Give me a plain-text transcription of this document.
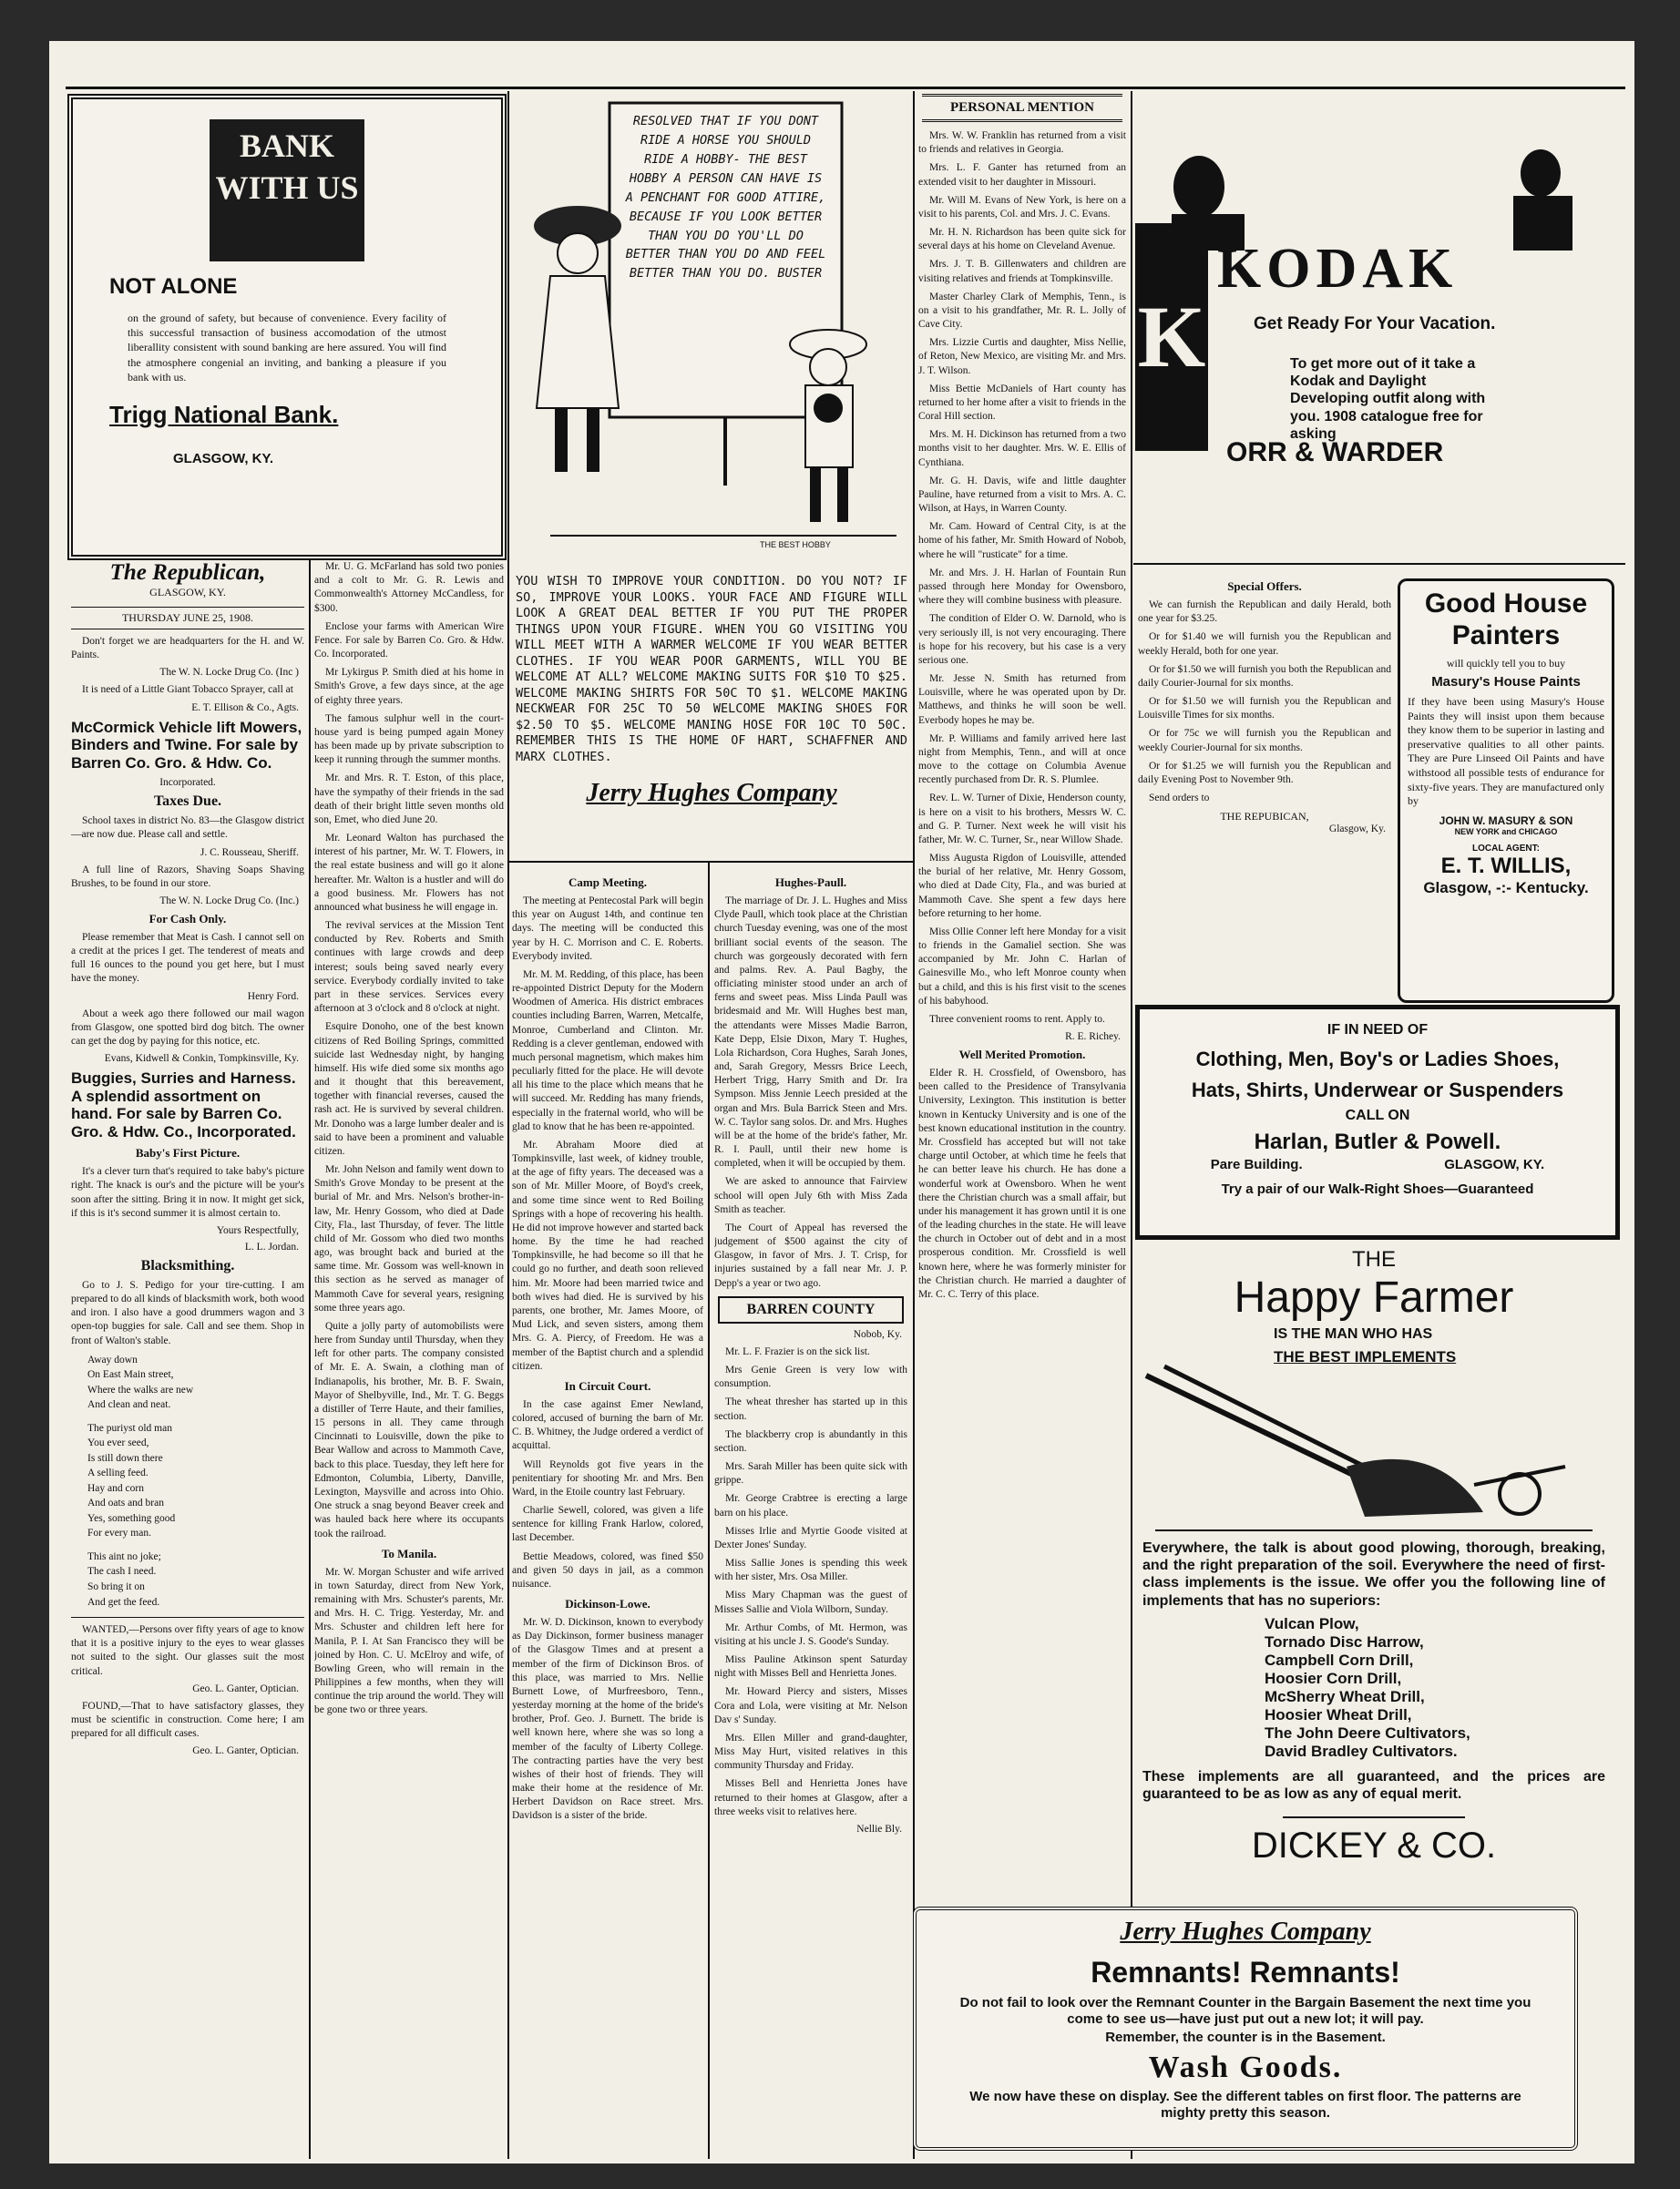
BANK WITH US
NOT ALONE
on the ground of safety, but because of convenience. Every facility of this successful transaction of business accomodation of the utmost liberallity consistent with sound banking are here assured. You will find the atmosphere congenial an inviting, and banking a pleasure if you bank with us.
Trigg National Bank.
GLASGOW, KY.
The Republican,
GLASGOW, KY.
THURSDAY JUNE 25, 1908.

Don't forget we are headquarters for the H. and W. Paints.

The W. N. Locke Drug Co. (Inc )

It is need of a Little Giant Tobacco Sprayer, call at

E. T. Ellison & Co., Agts.
McCormick Vehicle lift Mowers, Binders and Twine. For sale by Barren Co. Gro. & Hdw. Co.
Incorporated.
Taxes Due.

School taxes in district No. 83—the Glasgow district—are now due. Please call and settle.

J. C. Rousseau, Sheriff.

A full line of Razors, Shaving Soaps Shaving Brushes, to be found in our store.

The W. N. Locke Drug Co. (Inc.)
For Cash Only.

Please remember that Meat is Cash. I cannot sell on a credit at the prices I get. The tenderest of meats and full 16 ounces to the pound you get here, but I must have the money.

Henry Ford.

About a week ago there followed our mail wagon from Glasgow, one spotted bird dog bitch. The owner can get the dog by paying for this notice, etc.

Evans, Kidwell & Conkin, Tompkinsville, Ky.
Buggies, Surries and Harness. A splendid assortment on hand. For sale by Barren Co. Gro. & Hdw. Co., Incorporated.
Baby's First Picture.

It's a clever turn that's required to take baby's picture right. The knack is our's and the picture will be your's soon after the sitting. Bring it in now. It might get sick, if this is it's second summer it is almost certain to.

Yours Respectfully,
L. L. Jordan.
Blacksmithing.

Go to J. S. Pedigo for your tire-cutting. I am prepared to do all kinds of blacksmith work, both wood and iron. I also have a good drummers wagon and 3 open-top buggies for sale. Call and see them. Shop in front of Walton's stable.

Away down
On East Main street,
Where the walks are new
And clean and neat.
The puriyst old man
You ever seed,
Is still down there
A selling feed.
Hay and corn
And oats and bran
Yes, something good
For every man.
This aint no joke;
The cash I need.
So bring it on
And get the feed.

WANTED,—Persons over fifty years of age to know that it is a positive injury to the eyes to wear glasses not suited to the sight. Our glasses suit the most critical.

Geo. L. Ganter, Optician.

FOUND,—That to have satisfactory glasses, they must be scientific in construction. Come here; I am prepared for all difficult cases.

Geo. L. Ganter, Optician.

Mr. U. G. McFarland has sold two ponies and a colt to Mr. G. R. Lewis and Commonwealth's Attorney McCandless, for $300.

Enclose your farms with American Wire Fence. For sale by Barren Co. Gro. & Hdw. Co. Incorporated.

Mr Lykirgus P. Smith died at his home in Smith's Grove, a few days since, at the age of eighty three years.

The famous sulphur well in the court-house yard is being pumped again Money has been made up by private subscription to keep it running through the summer months.

Mr. and Mrs. R. T. Eston, of this place, have the sympathy of their friends in the sad death of their bright little seven months old son, Emet, who died June 20.

Mr. Leonard Walton has purchased the interest of his partner, Mr. W. T. Flowers, in the real estate business and will go it alone hereafter. Mr. Walton is a hustler and will do a good business. Mr. Flowers has not announced what business he will engage in.

The revival services at the Mission Tent conducted by Rev. Roberts and Smith continues with large crowds and deep interest; souls being saved nearly every service. Everybody cordially invited to take part in these services. Services every afternoon at 3 o'clock and 8 o'clock at night.

Esquire Donoho, one of the best known citizens of Red Boiling Springs, committed suicide last Wednesday night, by hanging himself. His wife died some six months ago and it thought that this bereavement, together with financial reverses, caused the rash act. He is survived by several children. Mr. Donoho was a large lumber dealer and is said to have been a prominent and valuable citizen.

Mr. John Nelson and family went down to Smith's Grove Monday to be present at the burial of Mr. and Mrs. Nelson's brother-in-law, Mr. Henry Gossom, who died at Dade City, Fla., last Thursday, of fever. The little child of Mr. Gossom who died two months ago, was brought back and buried at the same time. Mr. Gossom was well-known in this section as he served as manager of Mammoth Cave for several years, resigning some three years ago.

Quite a jolly party of automobilists were here from Sunday until Thursday, when they left for other parts. The company consisted of Mr. E. A. Swain, a clothing man of Indianapolis, his brother, Mr. B. F. Swain, Mayor of Shelbyville, Ind., Mr. T. G. Beggs a distiller of Terre Haute, and their families, 15 persons in all. They came through Cincinnati to Louisville, down the pike to Bear Wallow and across to Mammoth Cave, back to this place. Tuesday, they left here for Edmonton, Columbia, Liberty, Danville, Lexington, Maysville and across into Ohio. One struck a snag beyond Beaver creek and was hauled back here where its occupants took the railroad.

To Manila.

Mr. W. Morgan Schuster and wife arrived in town Saturday, direct from New York, remaining with Mrs. Schuster's parents, Mr. and Mrs. H. C. Trigg. Yesterday, Mr. and Mrs. Schuster and children left here for Manila, P. I. At San Francisco they will be joined by Hon. C. U. McElroy and wife, of Bowling Green, who will remain in the Philippines a few months, when they will continue the trip around the world. They will be gone two or three years.

RESOLVED THAT IF YOU DONT RIDE A HORSE YOU SHOULD RIDE A HOBBY- THE BEST HOBBY A PERSON CAN HAVE IS A PENCHANT FOR GOOD ATTIRE, BECAUSE IF YOU LOOK BETTER THAN YOU DO YOU'LL DO BETTER THAN YOU DO AND FEEL BETTER THAN YOU DO. BUSTER
THE BEST HOBBY
YOU WISH TO IMPROVE YOUR CONDITION. DO YOU NOT? IF SO, IMPROVE YOUR LOOKS. YOUR FACE AND FIGURE WILL LOOK A GREAT DEAL BETTER IF YOU PUT THE PROPER THINGS UPON YOUR FIGURE. WHEN YOU GO VISITING YOU WILL MEET WITH A WARMER WELCOME IF YOU WEAR BETTER CLOTHES. IF YOU WEAR POOR GARMENTS, WILL YOU BE WELCOME AT ALL? WELCOME MAKING SUITS FOR $10 TO $25. WELCOME MAKING SHIRTS FOR 50C TO $1. WELCOME MAKING NECKWEAR FOR 25C TO 50 WELCOME MAKING SHOES FOR $2.50 TO $5. WELCOME MANING HOSE FOR 10C TO 50C. REMEMBER THIS IS THE HOME OF HART, SCHAFFNER AND MARX CLOTHES.
Jerry Hughes Company
Camp Meeting.

The meeting at Pentecostal Park will begin this year on August 14th, and continue ten days. The meeting will be conducted this year by H. C. Morrison and C. E. Roberts. Everybody invited.

Mr. M. M. Redding, of this place, has been re-appointed District Deputy for the Modern Woodmen of America. His district embraces counties including Barren, Warren, Metcalfe, Monroe, Cumberland and Clinton. Mr. Redding is a clever gentleman, endowed with much personal magnetism, which makes him peculiarly fitted for the place. He will devote all his time to the place which means that he will succeed. Mr. Redding has many friends, especially in the fraternal world, who will be glad to know that he has been re-appointed.

Mr. Abraham Moore died at Tompkinsville, last week, of kidney trouble, at the age of fifty years. The deceased was a son of Mr. Miller Moore, of Boyd's creek, and some time since went to Red Boiling Springs with a hope of recovering his health. He did not improve however and started back home. By the time he had reached Tompkinsville, he had become so ill that he could go no further, and death soon relieved him. Mr. Moore had been married twice and both wives had died. He is survived by his parents, one brother, Mr. James Moore, of Mud Lick, and seven sisters, among them Mrs. G. A. Piercy, of Freedom. He was a member of the Baptist church and a splendid citizen.

In Circuit Court.

In the case against Emer Newland, colored, accused of burning the barn of Mr. C. B. Whitney, the Judge ordered a verdict of acquittal.

Will Reynolds got five years in the penitentiary for shooting Mr. and Mrs. Ben Ward, in the Etoile country last February.

Charlie Sewell, colored, was given a life sentence for killing Frank Harlow, colored, last December.

Bettie Meadows, colored, was fined $50 and given 50 days in jail, as a common nuisance.

Dickinson-Lowe.

Mr. W. D. Dickinson, known to everybody as Day Dickinson, former business manager of the Glasgow Times and at present a member of the firm of Dickinson Bros. of this place, was married to Mrs. Nellie Burnett Lowe, of Murfreesboro, Tenn., yesterday morning at the home of the bride's brother, Prof. Geo. J. Burnett. The bride is well known here, where she was so long a member of the faculty of Liberty College. The contracting parties have the very best wishes of their host of friends. They will make their home at the residence of Mr. Herbert Davidson on Race street. Mrs. Davidson is a sister of the bride.

Hughes-Paull.

The marriage of Dr. J. L. Hughes and Miss Clyde Paull, which took place at the Christian church Tuesday evening, was one of the most brilliant social events of the season. The church was gorgeously decorated with fern and palms. Rev. A. Paul Bagby, the officiating minister stood under an arch of ferns and sweet peas. Miss Linda Paull was bridesmaid and Mr. Will Hughes best man, the attendants were Misses Madie Barron, Kate Depp, Elsie Dixon, Mary T. Hughes, Lola Richardson, Cora Hughes, Sarah Jones, and, Sarah Gregory, Messrs Brice Leech, Herbert Trigg, Harry Smith and Dr. Ira Sympson. Miss Jennie Leech presided at the organ and Mrs. Bula Barrick Steen and Mrs. W. C. Taylor sang solos. Dr. and Mrs. Hughes will be at the home of the bride's father, Mr. R. I. Paull, until their new home is completed, when it will be occupied by them.

We are asked to announce that Fairview school will open July 6th with Miss Zada Smith as teacher.

The Court of Appeal has reversed the judgement of $500 against the city of Glasgow, in favor of Mrs. J. T. Crisp, for injuries sustained by a fall near Mr. J. P. Depp's a year or two ago.

BARREN COUNTY
Nobob, Ky.

Mr. L. F. Frazier is on the sick list.

Mrs Genie Green is very low with consumption.

The wheat thresher has started up in this section.

The blackberry crop is abundantly in this section.

Mrs. Sarah Miller has been quite sick with grippe.

Mr. George Crabtree is erecting a large barn on his place.

Misses Irlie and Myrtie Goode visited at Dexter Jones' Sunday.

Miss Sallie Jones is spending this week with her sister, Mrs. Osa Miller.

Miss Mary Chapman was the guest of Misses Sallie and Viola Wilborn, Sunday.

Mr. Arthur Combs, of Mt. Hermon, was visiting at his uncle J. S. Goode's Sunday.

Miss Pauline Atkinson spent Saturday night with Misses Bell and Henrietta Jones.

Mr. Howard Piercy and sisters, Misses Cora and Lola, were visiting at Mr. Nelson Dav s' Sunday.

Mrs. Ellen Miller and grand-daughter, Miss May Hurt, visited relatives in this community Thursday and Friday.

Misses Bell and Henrietta Jones have returned to their homes at Glasgow, after a three weeks visit to relatives here.

Nellie Bly.
PERSONAL MENTION

Mrs. W. W. Franklin has returned from a visit to friends and relatives in Georgia.

Mrs. L. F. Ganter has returned from an extended visit to her daughter in Missouri.

Mr. Will M. Evans of New York, is here on a visit to his parents, Col. and Mrs. J. C. Evans.

Mr. H. N. Richardson has been quite sick for several days at his home on Cleveland Avenue.

Mrs. J. T. B. Gillenwaters and children are visiting relatives and friends at Tompkinsville.

Master Charley Clark of Memphis, Tenn., is on a visit to his grandfather, Mr. R. L. Jolly of Cave City.

Mrs. Lizzie Curtis and daughter, Miss Nellie, of Reton, New Mexico, are visiting Mr. and Mrs. J. T. Wilson.

Miss Bettie McDaniels of Hart county has returned to her home after a visit to friends in the Coral Hill section.

Mrs. M. H. Dickinson has returned from a two months visit to her daughter. Mrs. W. E. Ellis of Cynthiana.

Mr. G. H. Davis, wife and little daughter Pauline, have returned from a visit to Mrs. A. C. Wilson, at Hays, in Warren County.

Mr. Cam. Howard of Central City, is at the home of his father, Mr. Smith Howard of Nobob, where he will "rusticate" for a time.

Mr. and Mrs. J. H. Harlan of Fountain Run passed through here Monday for Owensboro, where they will combine business with pleasure.

The condition of Elder O. W. Darnold, who is very seriously ill, is not very encouraging. There is hope for his recovery, but his case is a very serious one.

Mr. Jesse N. Smith has returned from Louisville, where he was operated upon by Dr. Matthews, and thinks he will soon be well. Everbody hopes he may be.

Mr. P. Williams and family arrived here last night from Memphis, Tenn., and will at once move to the cottage on Columbia Avenue recently purchased from Dr. R. S. Plumlee.

Rev. L. W. Turner of Dixie, Henderson county, is here on a visit to his brothers, Messrs W. C. and G. P. Turner. Next week he will visit his father, Mr. W. C. Turner, Sr., near Willow Shade.

Miss Augusta Rigdon of Louisville, attended the burial of her relative, Mr. Henry Gossom, who died at Dade City, Fla., and was buried at Mammoth Cave. She spent a few days here before returning to her home.

Miss Ollie Conner left here Monday for a visit to friends in the Gamaliel section. She was accompanied by Mr. John C. Harlan of Gainesville Mo., who left Monroe county when but a child, and this is his first visit to the scenes of his babyhood.

Three convenient rooms to rent. Apply to.

R. E. Richey.
Well Merited Promotion.

Elder R. H. Crossfield, of Owensboro, has been called to the Presidence of Transylvania University, Lexington. This institution is better known in Kentucky University and is one of the best known educational institution in the country. Mr. Crossfield has accepted but will not take charge until October, at which time he feels that he can better leave his church. He has done a wonderful work at Owensboro. When he went there the Christian church was a small affair, but under his management it has grown until it is one of the leading churches in the state. He will leave the church in October out of debt and in a most prosperous condition. Mr. Crossfield is well known here, where he was formerly minister for the Christian church. He married a daughter of Mr. C. C. Terry of this place.

K
KODAK
Get Ready For Your Vacation.
To get more out of it take a Kodak and Daylight Developing outfit along with you. 1908 catalogue free for asking
ORR & WARDER
Special Offers.

We can furnish the Republican and daily Herald, both one year for $3.25.

Or for $1.40 we will furnish you the Republican and weekly Herald, both for one year.

Or for $1.50 we will furnish you both the Republican and daily Courier-Journal for six months.

Or for $1.50 we will furnish you the Republican and Louisville Times for six months.

Or for 75c we will furnish you the Republican and weekly Courier-Journal for six months.

Or for $1.25 we will furnish you the Republican and daily Evening Post to November 9th.

Send orders to

THE REPUBICAN,
Glasgow, Ky.
Good House Painters
will quickly tell you to buy
Masury's House Paints
If they have been using Masury's House Paints they will insist upon them because they know them to be superior in lasting and preservative qualities to all other paints. They are Pure Linseed Oil Paints and have withstood all possible tests of endurance for sixty-five years. They are manufactured only by
JOHN W. MASURY & SON
NEW YORK and CHICAGO
LOCAL AGENT:
E. T. WILLIS,
Glasgow, -:- Kentucky.
IF IN NEED OF
Clothing, Men, Boy's or Ladies Shoes,
Hats, Shirts, Underwear or Suspenders
CALL ON
Harlan, Butler & Powell.
Pare Building.	GLASGOW, KY.
Try a pair of our Walk-Right Shoes—Guaranteed
THE
Happy Farmer
IS THE MAN WHO HAS
THE BEST IMPLEMENTS
Everywhere, the talk is about good plowing, thorough, breaking, and the right preparation of the soil. Everywhere the need of first-class implements is the issue. We offer you the following line of implements that has no superiors:
Vulcan Plow,
Tornado Disc Harrow,
Campbell Corn Drill,
Hoosier Corn Drill,
McSherry Wheat Drill,
Hoosier Wheat Drill,
The John Deere Cultivators,
David Bradley Cultivators.
These implements are all guaranteed, and the prices are guaranteed to be as low as any of equal merit.
DICKEY & CO.
Jerry Hughes Company
Remnants! Remnants!
Do not fail to look over the Remnant Counter in the Bargain Basement the next time you come to see us—have just put out a new lot; it will pay.
Remember, the counter is in the Basement.
Wash Goods.
We now have these on display. See the different tables on first floor. The patterns are mighty pretty this season.
